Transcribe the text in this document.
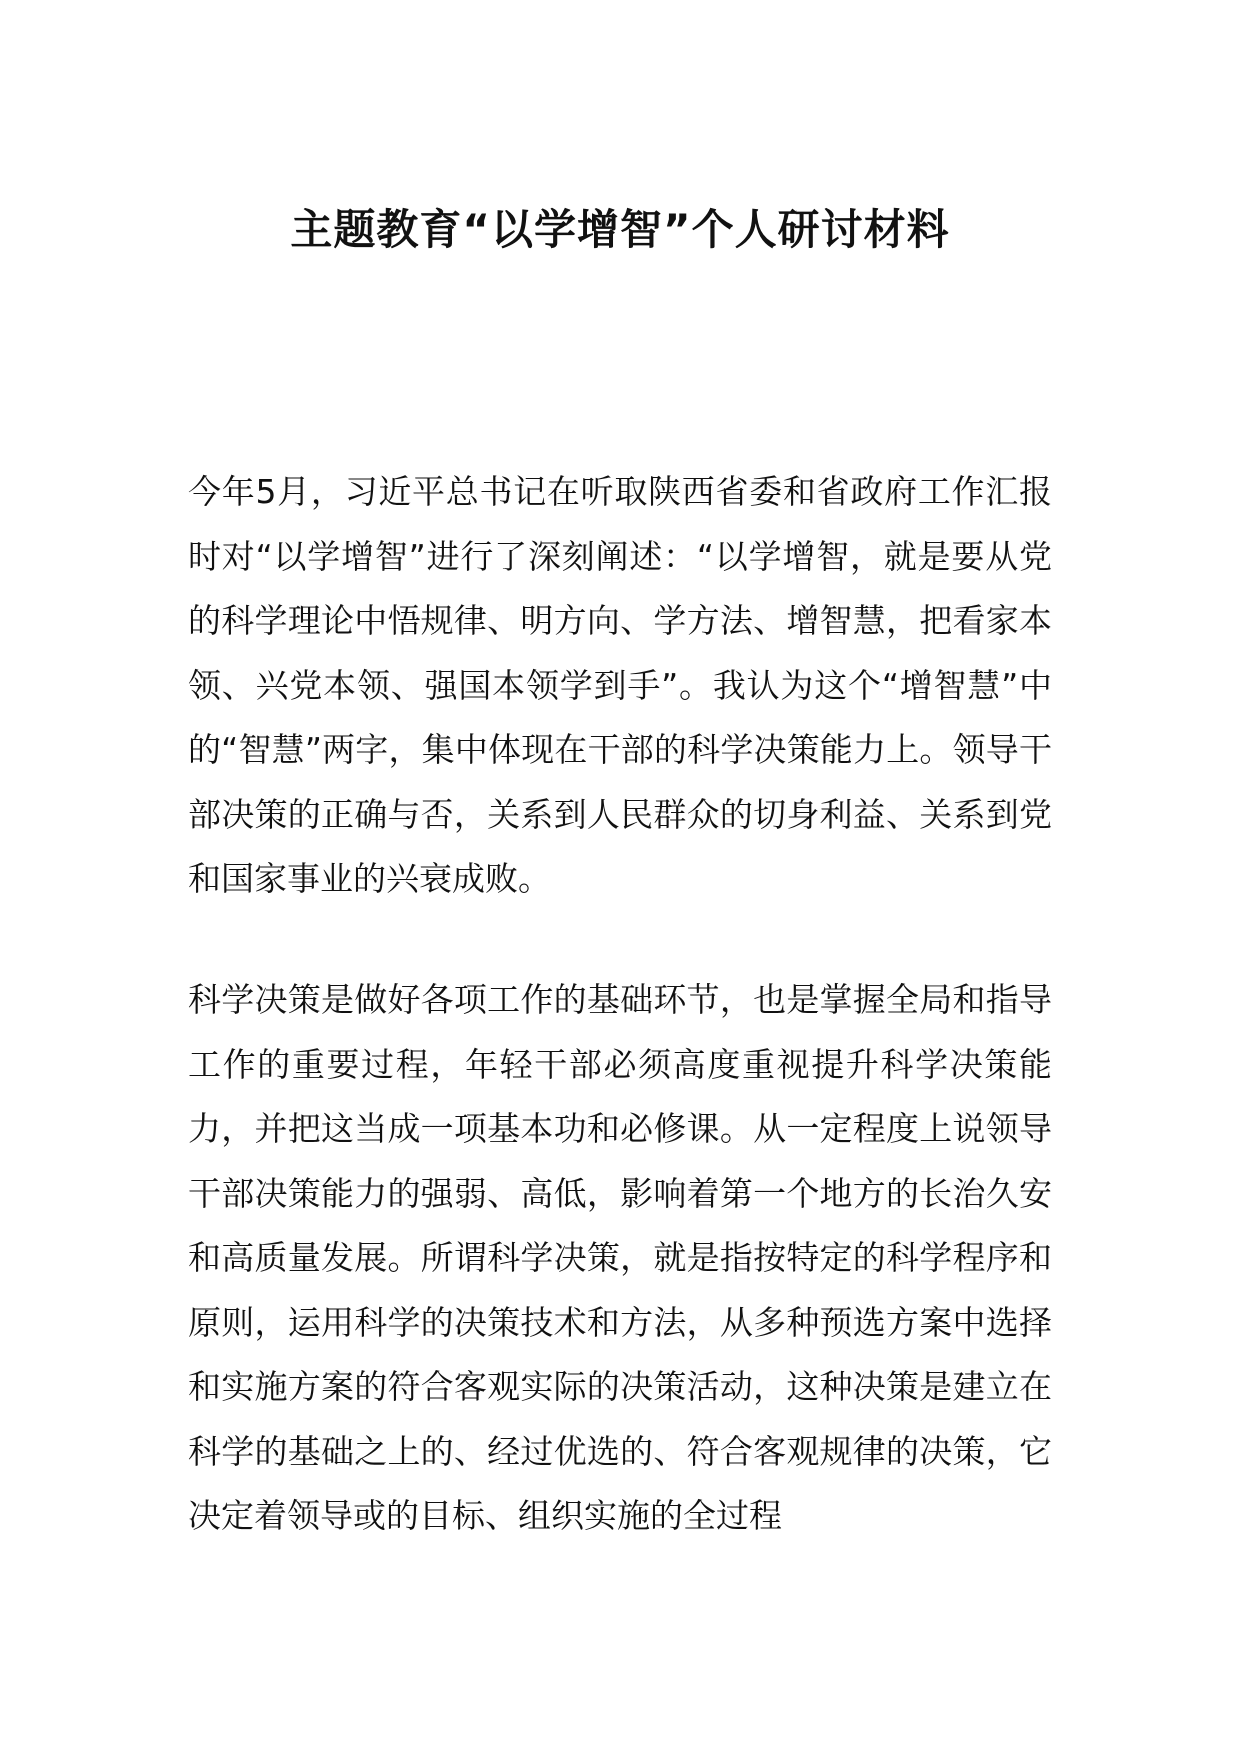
主题教育“以学增智”个人研讨材料

今年5月，习近平总书记在听取陕西省委和省政府工作汇报时对“以学增智”进行了深刻阐述：“以学增智，就是要从党的科学理论中悟规律、明方向、学方法、增智慧，把看家本领、兴党本领、强国本领学到手”。我认为这个“增智慧”中的“智慧”两字，集中体现在干部的科学决策能力上。领导干部决策的正确与否，关系到人民群众的切身利益、关系到党和国家事业的兴衰成败。

科学决策是做好各项工作的基础环节，也是掌握全局和指导工作的重要过程，年轻干部必须高度重视提升科学决策能力，并把这当成一项基本功和必修课。从一定程度上说领导干部决策能力的强弱、高低，影响着第一个地方的长治久安和高质量发展。所谓科学决策，就是指按特定的科学程序和原则，运用科学的决策技术和方法，从多种预选方案中选择和实施方案的符合客观实际的决策活动，这种决策是建立在科学的基础之上的、经过优选的、符合客观规律的决策，它决定着领导或的目标、组织实施的全过程
